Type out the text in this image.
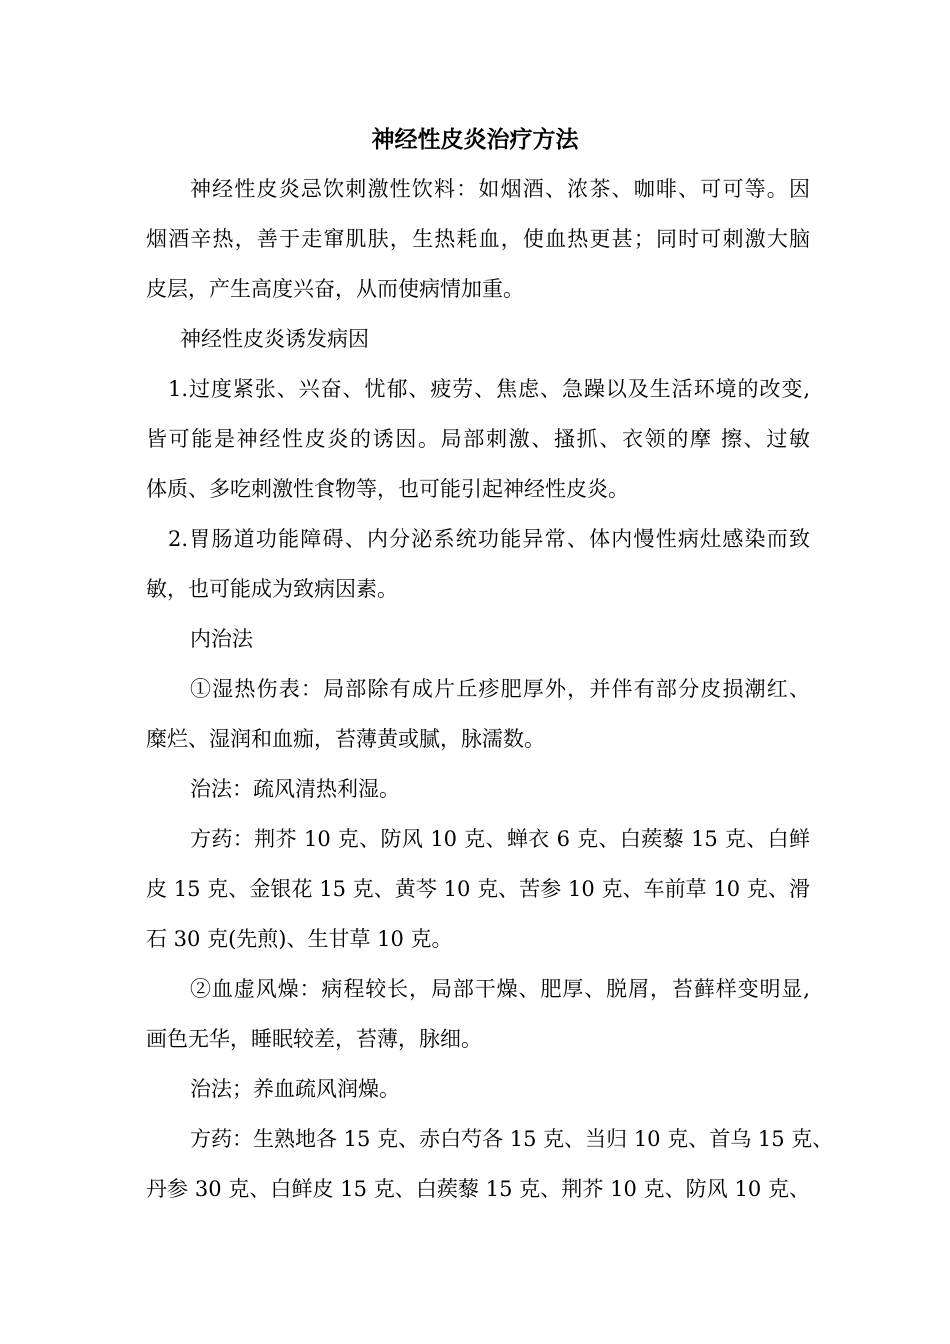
神经性皮炎治疗方法

神经性皮炎忌饮刺激性饮料：如烟酒、浓茶、咖啡、可可等。因

烟酒辛热，善于走窜肌肤，生热耗血，使血热更甚；同时可刺激大脑

皮层，产生高度兴奋，从而使病情加重。

神经性皮炎诱发病因

1.过度紧张、兴奋、忧郁、疲劳、焦虑、急躁以及生活环境的改变,

皆可能是神经性皮炎的诱因。局部刺激、搔抓、衣领的摩 擦、过敏

体质、多吃刺激性食物等，也可能引起神经性皮炎。

2.胃肠道功能障碍、内分泌系统功能异常、体内慢性病灶感染而致

敏，也可能成为致病因素。

内治法

①湿热伤表：局部除有成片丘疹肥厚外，并伴有部分皮损潮红、

糜烂、湿润和血痂，苔薄黄或腻，脉濡数。

治法：疏风清热利湿。

方药：荆芥 10 克、防风 10 克、蝉衣 6 克、白蒺藜 15 克、白鲜

皮 15 克、金银花 15 克、黄芩 10 克、苦参 10 克、车前草 10 克、滑

石 30 克(先煎)、生甘草 10 克。

②血虚风燥：病程较长，局部干燥、肥厚、脱屑，苔藓样变明显,

画色无华，睡眠较差，苔薄，脉细。

治法；养血疏风润燥。

方药：生熟地各 15 克、赤白芍各 15 克、当归 10 克、首乌 15 克、

丹参 30 克、白鲜皮 15 克、白蒺藜 15 克、荆芥 10 克、防风 10 克、
